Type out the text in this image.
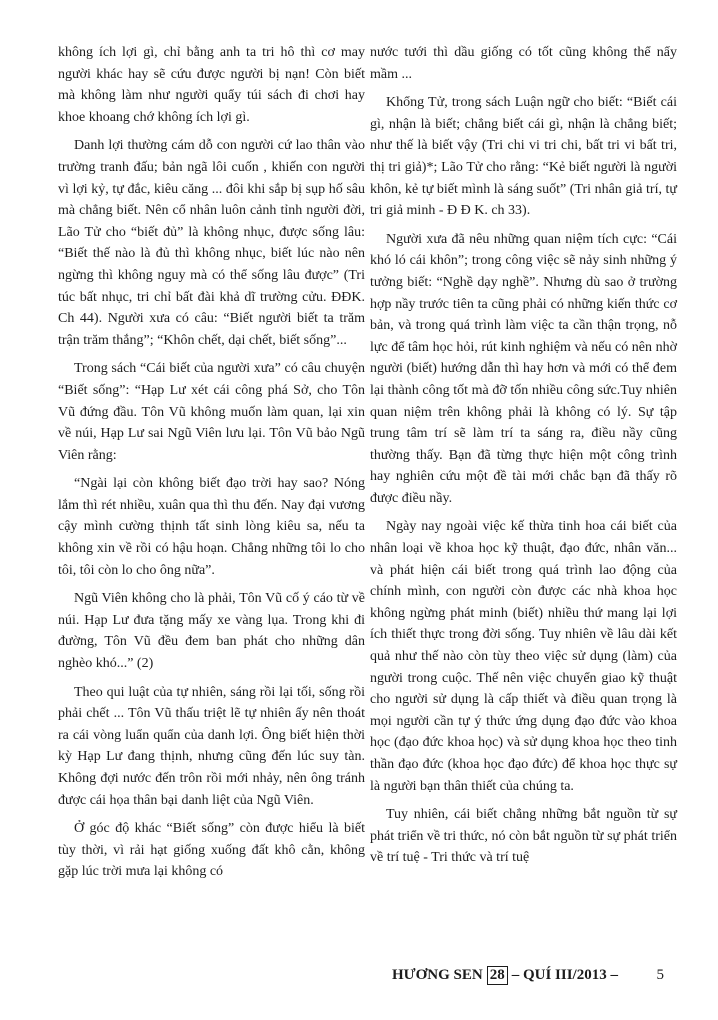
không ích lợi gì, chỉ bằng anh ta tri hô thì cơ may người khác hay sẽ cứu được người bị nạn! Còn biết mà không làm như người quẩy túi sách đi chơi hay khoe khoang chớ không ích lợi gì.

Danh lợi thường cám dỗ con người cứ lao thân vào trường tranh đấu; bản ngã lôi cuốn , khiến con người vì lợi kỷ, tự đắc, kiêu căng ... đôi khi sắp bị sụp hố sâu mà chẳng biết. Nên cổ nhân luôn cảnh tỉnh người đời, Lão Tử cho “biết đủ” là không nhục, được sống lâu: “Biết thế nào là đủ thì không nhục, biết lúc nào nên ngừng thì không nguy mà có thể sống lâu được” (Tri túc bất nhục, tri chỉ bất đài khả dĩ trường cửu. ĐĐK. Ch 44). Người xưa có câu: “Biết người biết ta trăm trận trăm thắng”; “Khôn chết, dại chết, biết sống”...

Trong sách “Cái biết của người xưa” có câu chuyện “Biết sống”: “Hạp Lư xét cái công phá Sở, cho Tôn Vũ đứng đầu. Tôn Vũ không muốn làm quan, lại xin về núi, Hạp Lư sai Ngũ Viên lưu lại. Tôn Vũ bảo Ngũ Viên rằng:

“Ngài lại còn không biết đạo trời hay sao? Nóng lắm thì rét nhiều, xuân qua thì thu đến. Nay đại vương cậy mình cường thịnh tất sinh lòng kiêu sa, nếu ta không xin về rồi có hậu hoạn. Chẳng những tôi lo cho tôi, tôi còn lo cho ông nữa”.

Ngũ Viên không cho là phải, Tôn Vũ cố ý cáo từ về núi. Hạp Lư đưa tặng mấy xe vàng lụa. Trong khi đi đường, Tôn Vũ đều đem ban phát cho những dân nghèo khó...” (2)

Theo qui luật của tự nhiên, sáng rồi lại tối, sống rồi phải chết ... Tôn Vũ thấu triệt lẽ tự nhiên ấy nên thoát ra cái vòng luẩn quẩn của danh lợi. Ông biết hiện thời kỳ Hạp Lư đang thịnh, nhưng cũng đến lúc suy tàn. Không đợi nước đến trôn rồi mới nhảy, nên ông tránh được cái họa thân bại danh liệt của Ngũ Viên.

Ở góc độ khác “Biết sống” còn được hiểu là biết tùy thời, vì rải hạt giống xuống đất khô cằn, không gặp lúc trời mưa lại không có

nước tưới thì dầu giống có tốt cũng không thể nẩy mầm ...

Khổng Tử, trong sách Luận ngữ cho biết: “Biết cái gì, nhận là biết; chẳng biết cái gì, nhận là chẳng biết; như thế là biết vậy (Tri chi vi tri chi, bất tri vi bất tri, thị tri giả)*; Lão Tử cho rằng: “Kẻ biết người là người khôn, kẻ tự biết mình là sáng suốt” (Tri nhân giả trí, tự tri giả minh - Đ Đ K. ch 33).

Người xưa đã nêu những quan niệm tích cực: “Cái khó ló cái khôn”; trong công việc sẽ nảy sinh những ý tưởng biết: “Nghề dạy nghề”. Nhưng dù sao ở trường hợp nầy trước tiên ta cũng phải có những kiến thức cơ bản, và trong quá trình làm việc ta cần thận trọng, nỗ lực để tâm học hỏi, rút kinh nghiệm và nếu có nên nhờ người (biết) hướng dẫn thì hay hơn và mới có thể đem lại thành công tốt mà đỡ tốn nhiều công sức.Tuy nhiên quan niệm trên không phải là không có lý. Sự tập trung tâm trí sẽ làm trí ta sáng ra, điều nầy cũng thường thấy. Bạn đã từng thực hiện một công trình hay nghiên cứu một đề tài mới chắc bạn đã thấy rõ được điều nầy.

Ngày nay ngoài việc kế thừa tinh hoa cái biết của nhân loại về khoa học kỹ thuật, đạo đức, nhân văn... và phát hiện cái biết trong quá trình lao động của chính mình, con người còn được các nhà khoa học không ngừng phát minh (biết) nhiều thứ mang lại lợi ích thiết thực trong đời sống. Tuy nhiên về lâu dài kết quả như thế nào còn tùy theo việc sử dụng (làm) của người trong cuộc. Thế nên việc chuyển giao kỹ thuật cho người sử dụng là cấp thiết và điều quan trọng là mọi người cần tự ý thức ứng dụng đạo đức vào khoa học (đạo đức khoa học) và sử dụng khoa học theo tinh thần đạo đức (khoa học đạo đức) để khoa học thực sự là người bạn thân thiết của chúng ta.

Tuy nhiên, cái biết chẳng những bắt nguồn từ sự phát triển về tri thức, nó còn bắt nguồn từ sự phát triển về trí tuệ - Tri thức và trí tuệ

HƯƠNG SEN 28 – QUÍ III/2013 –	5
